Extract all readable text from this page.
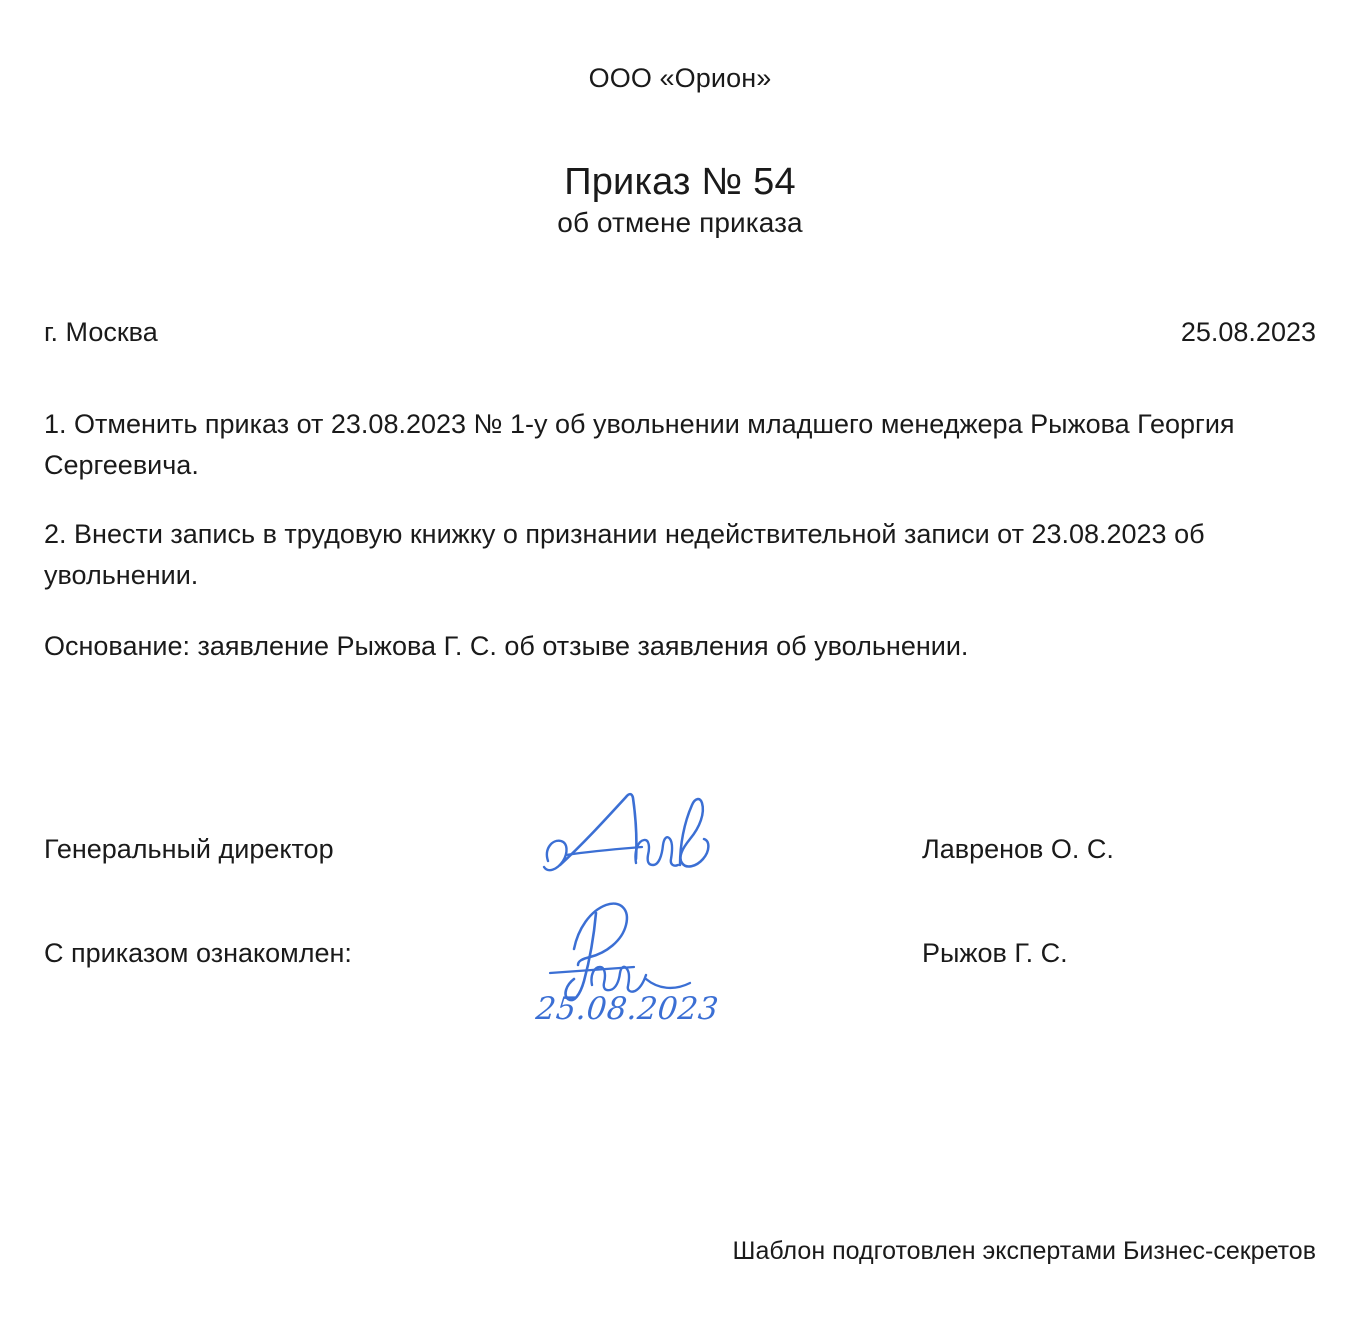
ООО «Орион»
Приказ № 54
об отмене приказа
г. Москва	25.08.2023

1. Отменить приказ от 23.08.2023 № 1-у об увольнении младшего менеджера Рыжова Георгия Сергеевича.

2. Внести запись в трудовую книжку о признании недействительной записи от 23.08.2023 об увольнении.

Основание: заявление Рыжова Г. С. об отзыве заявления об увольнении.

Генеральный директор	Лавренов О. С.
С приказом ознакомлен:
25.08.2023
Рыжов Г. С.
Шаблон подготовлен экспертами Бизнес-секретов
